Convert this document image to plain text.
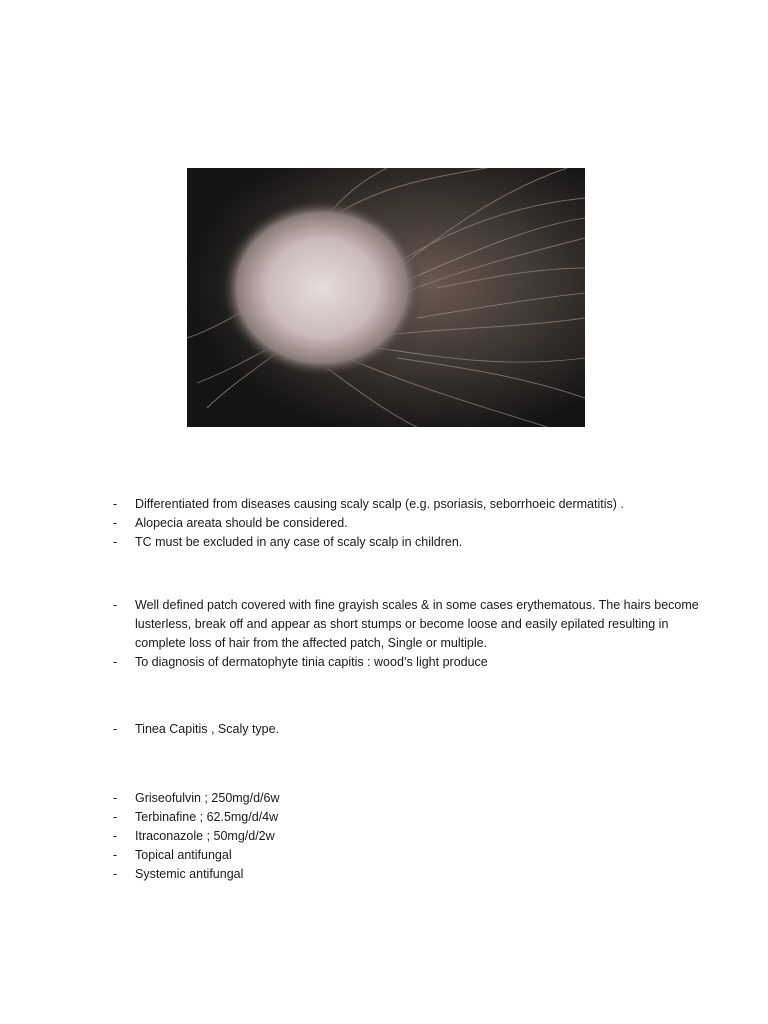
- Differentiated from diseases causing scaly scalp (e.g. psoriasis, seborrhoeic dermatitis) .
- Alopecia areata should be considered.
- TC must be excluded in any case of scaly scalp in children.
- Well defined patch covered with fine grayish scales & in some cases erythematous. The hairs become lusterless, break off and appear as short stumps or become loose and easily epilated resulting in complete loss of hair from the affected patch, Single or multiple.
- To diagnosis of dermatophyte tinia capitis : wood’s light produce
- Tinea Capitis , Scaly type.
- Griseofulvin ; 250mg/d/6w
- Terbinafine ; 62.5mg/d/4w
- Itraconazole ; 50mg/d/2w
- Topical antifungal
- Systemic antifungal
